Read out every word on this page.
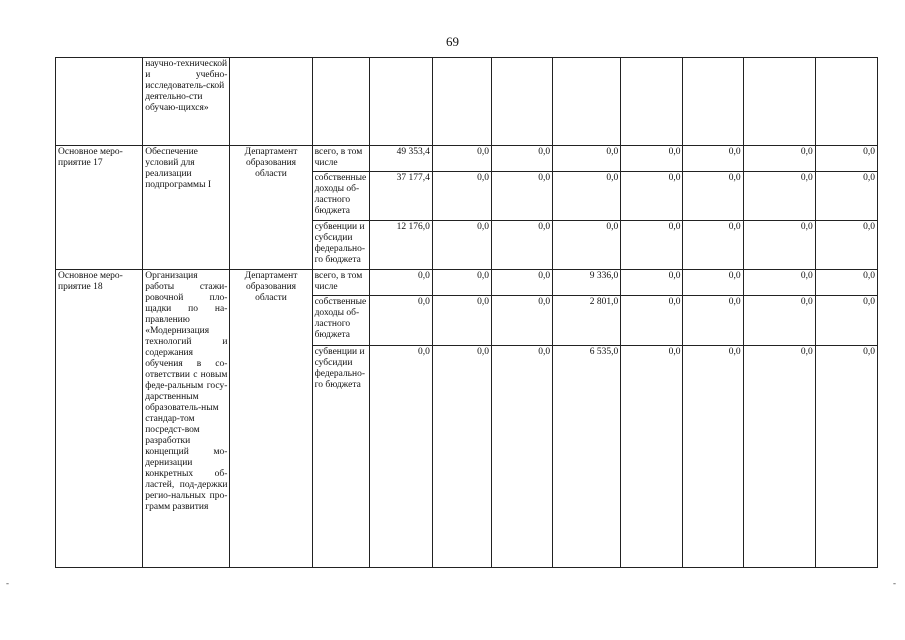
69
	научно-технической и учебно-исследователь-ской деятельно-сти обучаю-щихся»										
Основное меро-приятие 17	Обеспечение условий для реализации подпрограммы I	Департамент образования области	всего, в том числе	49 353,4	0,0	0,0	0,0	0,0	0,0	0,0	0,0
			собственные доходы об-ластного бюджета	37 177,4	0,0	0,0	0,0	0,0	0,0	0,0	0,0
			субвенции и субсидии федерально-го бюджета	12 176,0	0,0	0,0	0,0	0,0	0,0	0,0	0,0
Основное меро-приятие 18	Организация работы стажи-ровочной пло-щадки по на-правлению «Модернизация технологий и содержания обучения в со-ответствии с новым феде-ральным госу-дарственным образователь-ным стандар-том посредст-вом разработки концепций мо-дернизации конкретных об-ластей, под-держки регио-нальных про-грамм развития	Департамент образования области	всего, в том числе	0,0	0,0	0,0	9 336,0	0,0	0,0	0,0	0,0
			собственные доходы об-ластного бюджета	0,0	0,0	0,0	2 801,0	0,0	0,0	0,0	0,0
			субвенции и субсидии федерально-го бюджета	0,0	0,0	0,0	6 535,0	0,0	0,0	0,0	0,0
-	-
